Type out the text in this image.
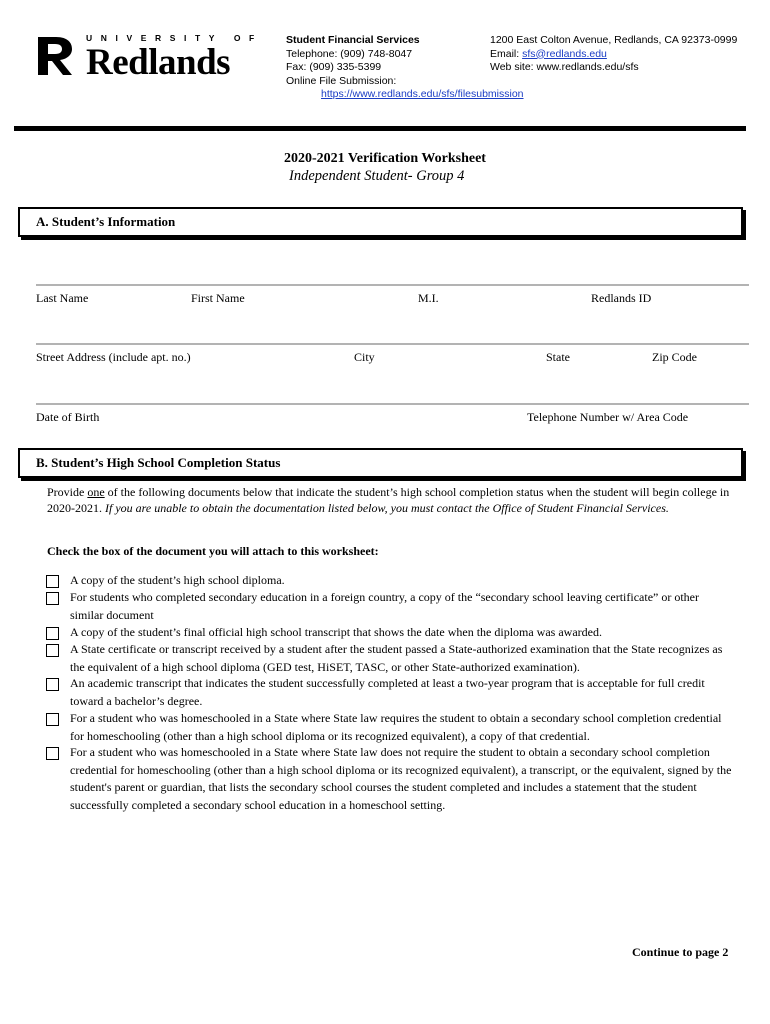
UNIVERSITY OF
Redlands
Student Financial Services
Telephone: (909) 748-8047
Fax: (909) 335-5399
Online File Submission:
https://www.redlands.edu/sfs/filesubmission
1200 East Colton Avenue, Redlands, CA 92373-0999
Email: sfs@redlands.edu
Web site: www.redlands.edu/sfs
2020-2021 Verification Worksheet
Independent Student- Group 4
A. Student’s Information
Last Name	First Name	M.I.	Redlands ID
Street Address (include apt. no.)	City	State	Zip Code
Date of Birth	Telephone Number w/ Area Code
B. Student’s High School Completion Status
Provide one of the following documents below that indicate the student’s high school completion status when the student will begin college in 2020-2021. If you are unable to obtain the documentation listed below, you must contact the Office of Student Financial Services.
Check the box of the document you will attach to this worksheet:
A copy of the student’s high school diploma.
For students who completed secondary education in a foreign country, a copy of the “secondary school leaving certificate” or other similar document
A copy of the student’s final official high school transcript that shows the date when the diploma was awarded.
A State certificate or transcript received by a student after the student passed a State-authorized examination that the State recognizes as the equivalent of a high school diploma (GED test, HiSET, TASC, or other State-authorized examination).
An academic transcript that indicates the student successfully completed at least a two-year program that is acceptable for full credit toward a bachelor’s degree.
For a student who was homeschooled in a State where State law requires the student to obtain a secondary school completion credential for homeschooling (other than a high school diploma or its recognized equivalent), a copy of that credential.
For a student who was homeschooled in a State where State law does not require the student to obtain a secondary school completion credential for homeschooling (other than a high school diploma or its recognized equivalent), a transcript, or the equivalent, signed by the student's parent or guardian, that lists the secondary school courses the student completed and includes a statement that the student successfully completed a secondary school education in a homeschool setting.
Continue to page 2
